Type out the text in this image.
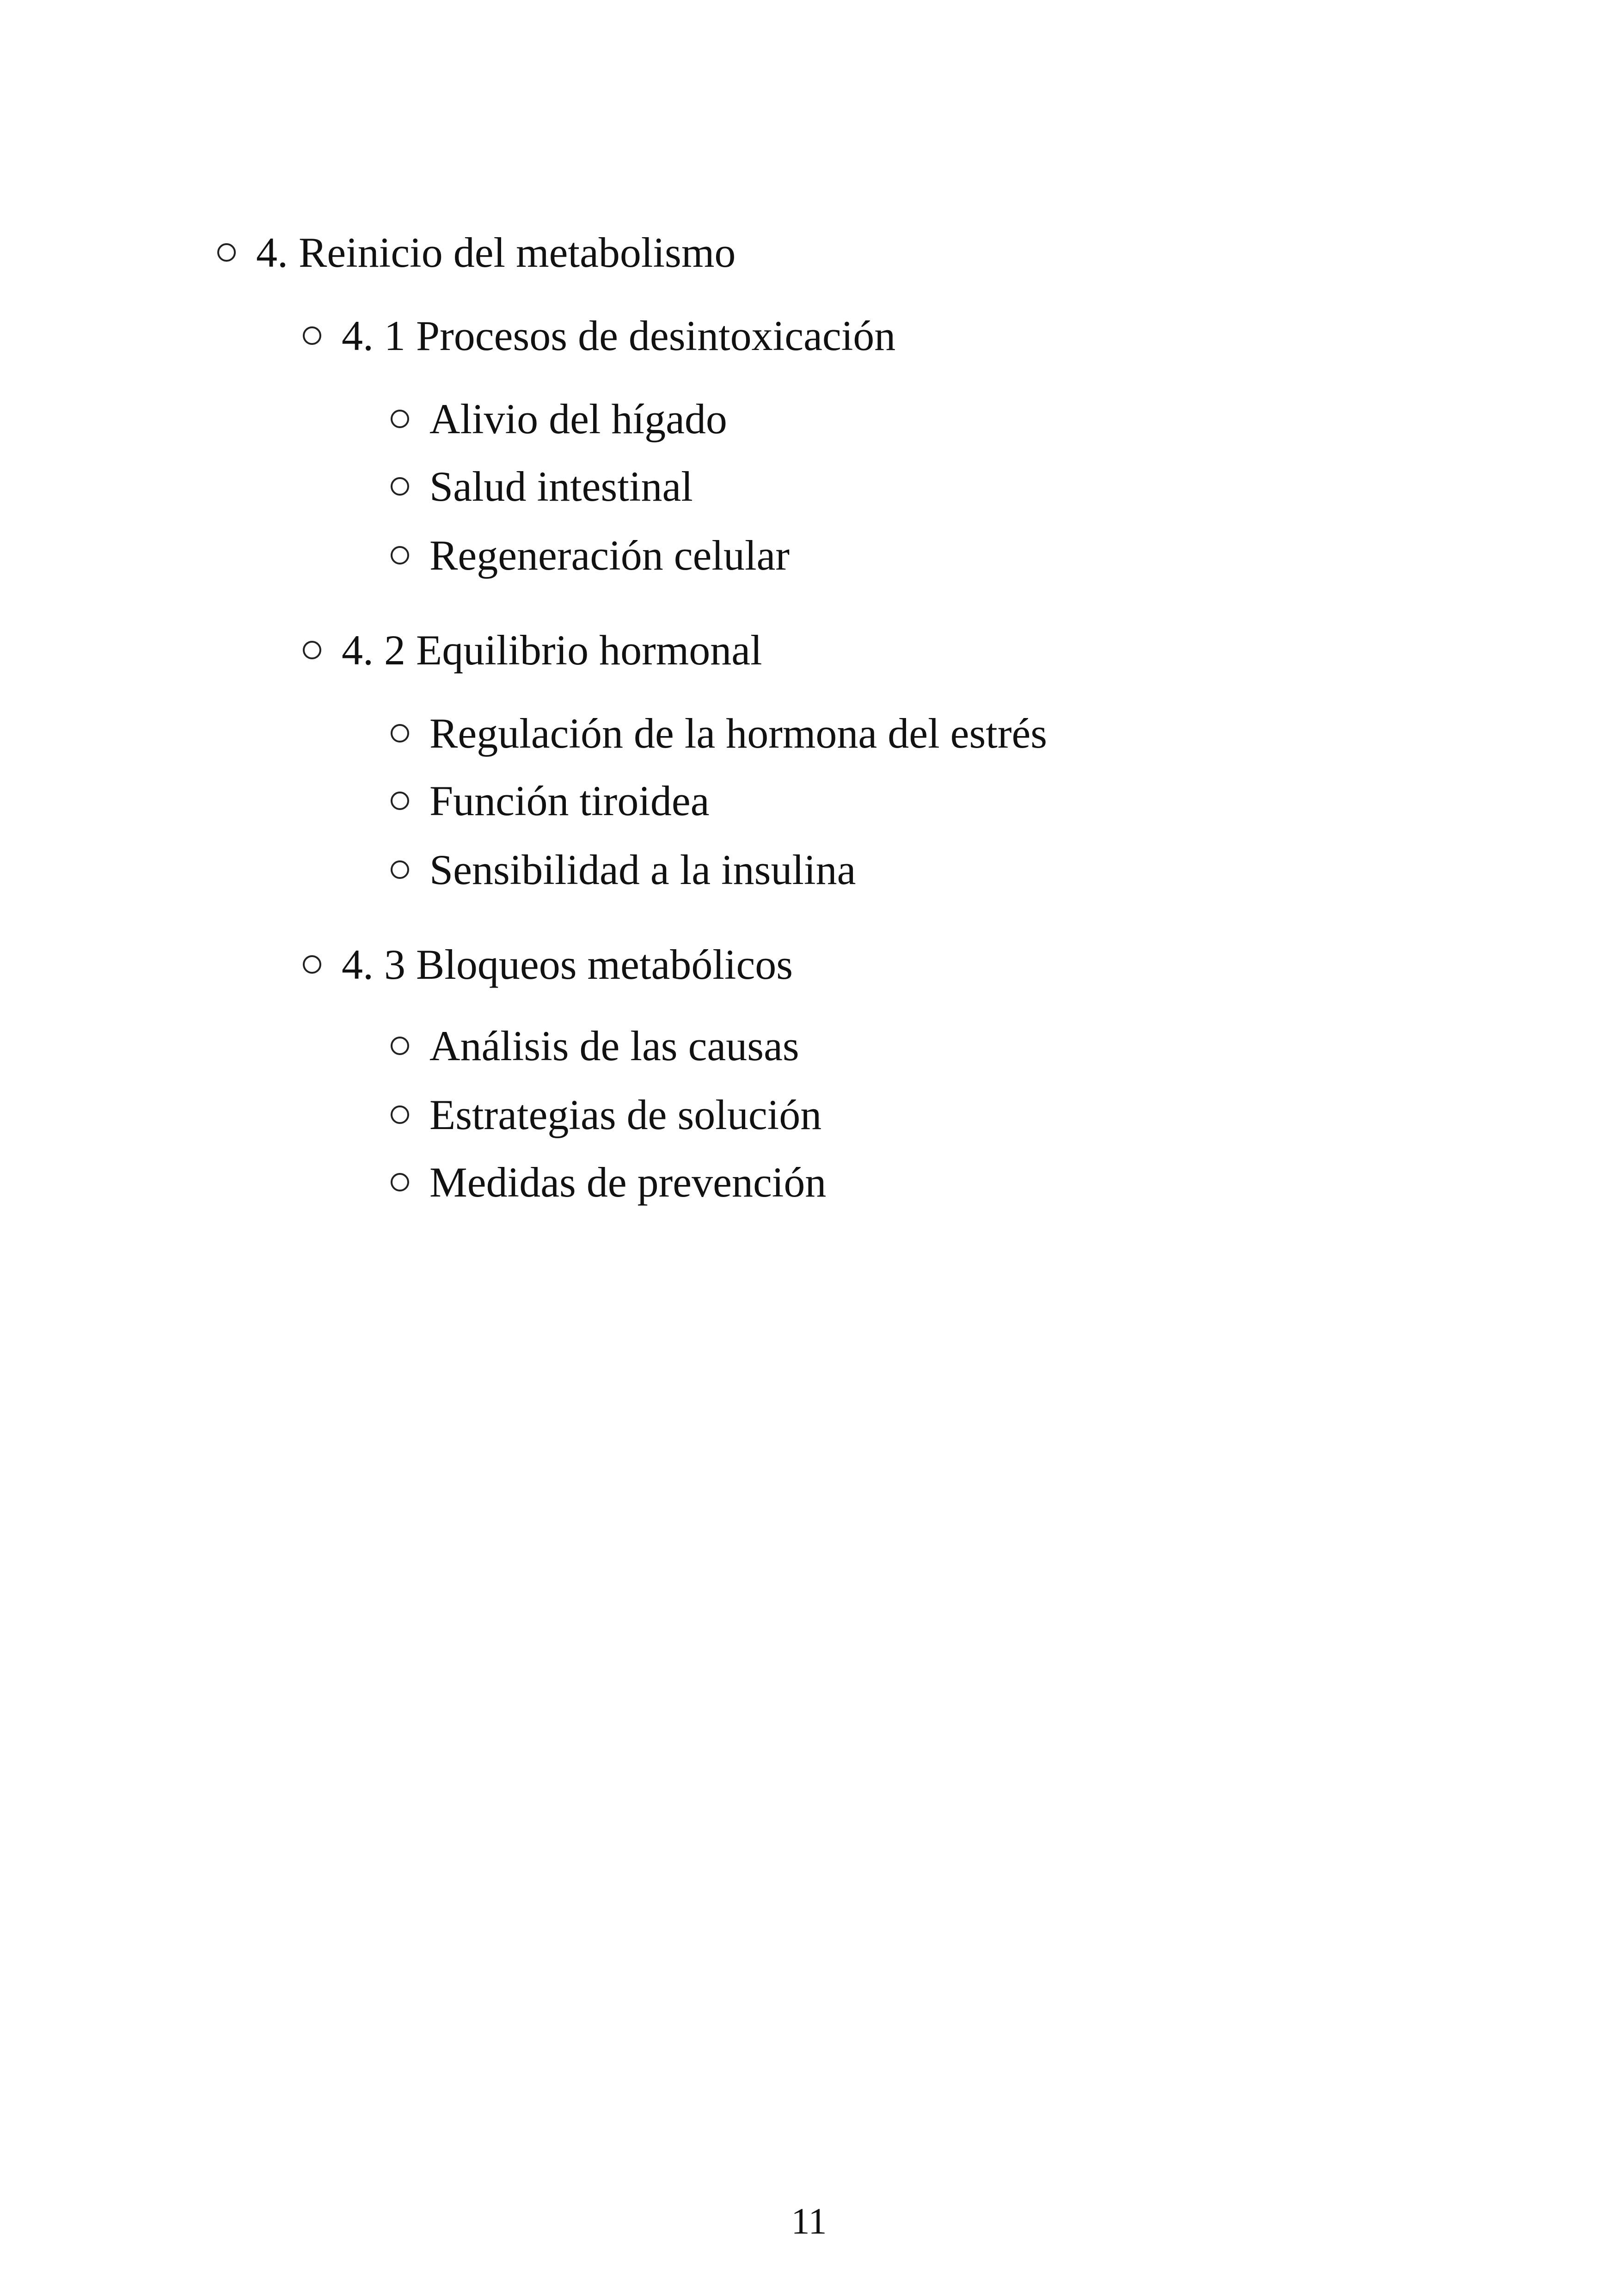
4. Reinicio del metabolismo
4. 1 Procesos de desintoxicación
Alivio del hígado
Salud intestinal
Regeneración celular
4. 2 Equilibrio hormonal
Regulación de la hormona del estrés
Función tiroidea
Sensibilidad a la insulina
4. 3 Bloqueos metabólicos
Análisis de las causas
Estrategias de solución
Medidas de prevención
11
